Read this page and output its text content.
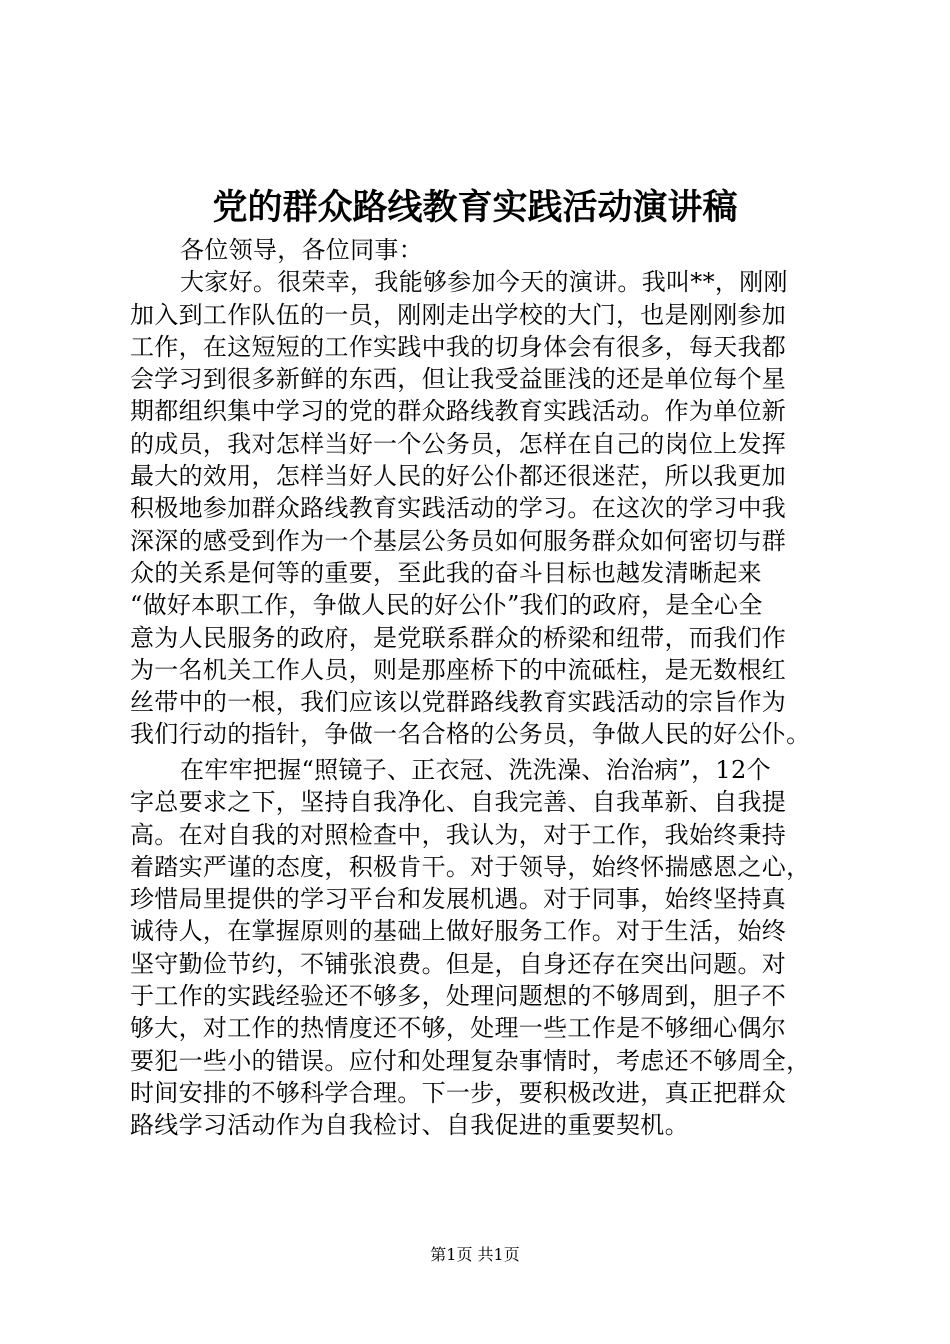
党的群众路线教育实践活动演讲稿
各位领导，各位同事：
大家好。很荣幸，我能够参加今天的演讲。我叫**，刚刚
加入到工作队伍的一员，刚刚走出学校的大门，也是刚刚参加
工作，在这短短的工作实践中我的切身体会有很多，每天我都
会学习到很多新鲜的东西，但让我受益匪浅的还是单位每个星
期都组织集中学习的党的群众路线教育实践活动。作为单位新
的成员，我对怎样当好一个公务员，怎样在自己的岗位上发挥
最大的效用，怎样当好人民的好公仆都还很迷茫，所以我更加
积极地参加群众路线教育实践活动的学习。在这次的学习中我
深深的感受到作为一个基层公务员如何服务群众如何密切与群
众的关系是何等的重要，至此我的奋斗目标也越发清晰起来
“做好本职工作，争做人民的好公仆”我们的政府，是全心全
意为人民服务的政府，是党联系群众的桥梁和纽带，而我们作
为一名机关工作人员，则是那座桥下的中流砥柱，是无数根红
丝带中的一根，我们应该以党群路线教育实践活动的宗旨作为
我们行动的指针，争做一名合格的公务员，争做人民的好公仆。
在牢牢把握“照镜子、正衣冠、洗洗澡、治治病”，12个
字总要求之下，坚持自我净化、自我完善、自我革新、自我提
高。在对自我的对照检查中，我认为，对于工作，我始终秉持
着踏实严谨的态度，积极肯干。对于领导，始终怀揣感恩之心，
珍惜局里提供的学习平台和发展机遇。对于同事，始终坚持真
诚待人，在掌握原则的基础上做好服务工作。对于生活，始终
坚守勤俭节约，不铺张浪费。但是，自身还存在突出问题。对
于工作的实践经验还不够多，处理问题想的不够周到，胆子不
够大，对工作的热情度还不够，处理一些工作是不够细心偶尔
要犯一些小的错误。应付和处理复杂事情时，考虑还不够周全，
时间安排的不够科学合理。下一步，要积极改进，真正把群众
路线学习活动作为自我检讨、自我促进的重要契机。
第1页 共1页
